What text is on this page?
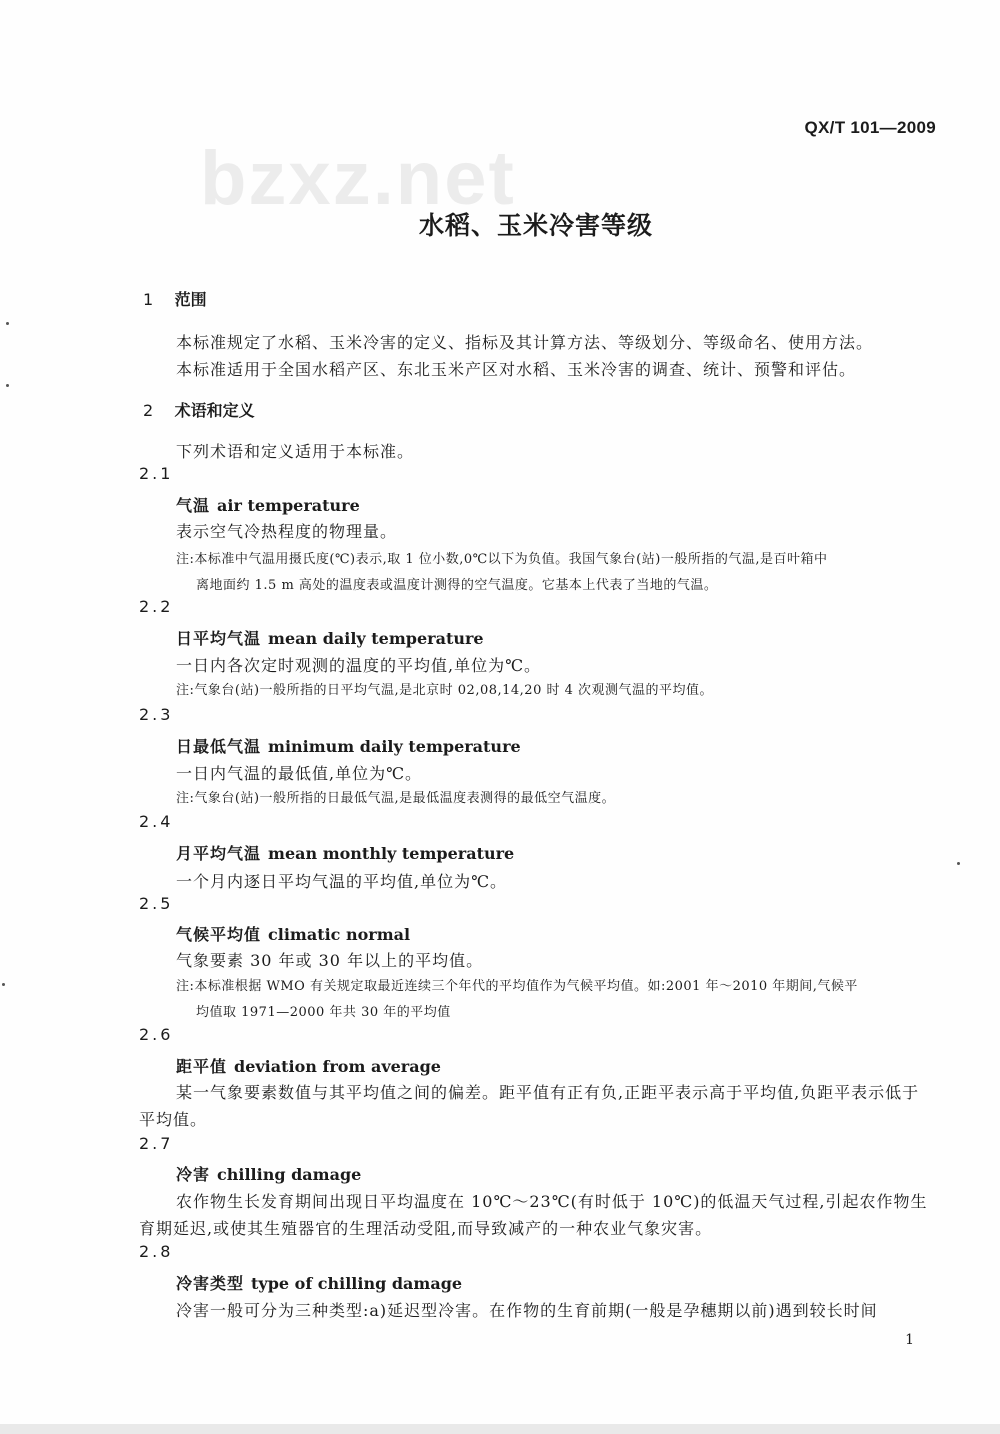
QX/T 101—2009
bzxz.net
水稻、玉米冷害等级
1 范围
本标准规定了水稻、玉米冷害的定义、指标及其计算方法、等级划分、等级命名、使用方法。
本标准适用于全国水稻产区、东北玉米产区对水稻、玉米冷害的调查、统计、预警和评估。
2 术语和定义
下列术语和定义适用于本标准。
2.1
气温 air temperature
表示空气冷热程度的物理量。
注:本标准中气温用摄氏度(℃)表示,取 1 位小数,0℃以下为负值。我国气象台(站)一般所指的气温,是百叶箱中
离地面约 1.5 m 高处的温度表或温度计测得的空气温度。它基本上代表了当地的气温。
2.2
日平均气温 mean daily temperature
一日内各次定时观测的温度的平均值,单位为℃。
注:气象台(站)一般所指的日平均气温,是北京时 02,08,14,20 时 4 次观测气温的平均值。
2.3
日最低气温 minimum daily temperature
一日内气温的最低值,单位为℃。
注:气象台(站)一般所指的日最低气温,是最低温度表测得的最低空气温度。
2.4
月平均气温 mean monthly temperature
一个月内逐日平均气温的平均值,单位为℃。
2.5
气候平均值 climatic normal
气象要素 30 年或 30 年以上的平均值。
注:本标准根据 WMO 有关规定取最近连续三个年代的平均值作为气候平均值。如:2001 年～2010 年期间,气候平
均值取 1971—2000 年共 30 年的平均值
2.6
距平值 deviation from average
某一气象要素数值与其平均值之间的偏差。距平值有正有负,正距平表示高于平均值,负距平表示低于平均值。
2.7
冷害 chilling damage
农作物生长发育期间出现日平均温度在 10℃～23℃(有时低于 10℃)的低温天气过程,引起农作物生育期延迟,或使其生殖器官的生理活动受阻,而导致减产的一种农业气象灾害。
2.8
冷害类型 type of chilling damage
冷害一般可分为三种类型:a)延迟型冷害。在作物的生育前期(一般是孕穗期以前)遇到较长时间
1
